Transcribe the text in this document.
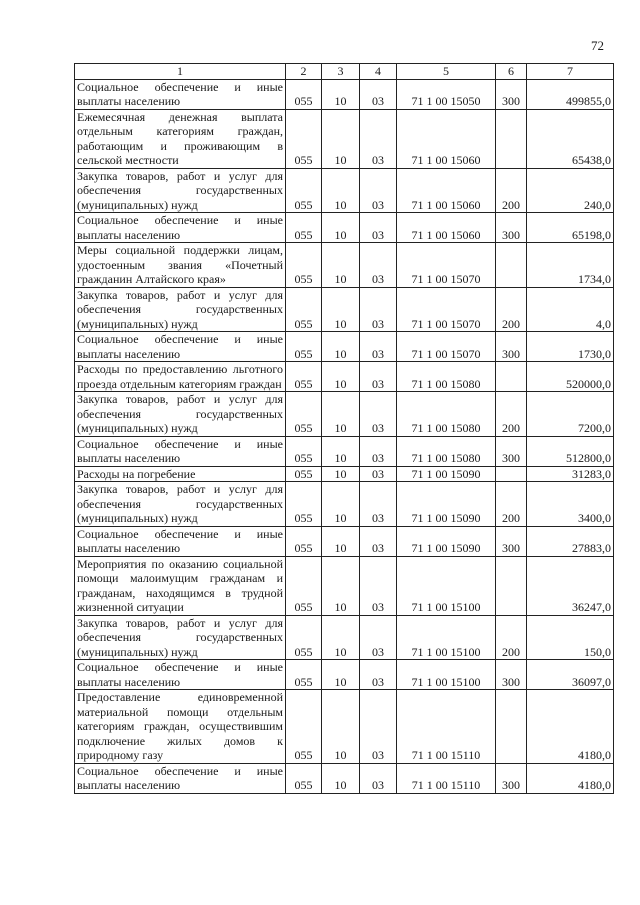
72
1	2	3	4	5	6	7
Социальное обеспечение и иные выплаты населению	055	10	03	71 1 00 15050	300	499855,0
Ежемесячная денежная выплата отдельным категориям граждан, работающим и проживающим в сельской местности	055	10	03	71 1 00 15060		65438,0
Закупка товаров, работ и услуг для обеспечения государственных (муниципальных) нужд	055	10	03	71 1 00 15060	200	240,0
Социальное обеспечение и иные выплаты населению	055	10	03	71 1 00 15060	300	65198,0
Меры социальной поддержки лицам, удостоенным звания «Почетный гражданин Алтайского края»	055	10	03	71 1 00 15070		1734,0
Закупка товаров, работ и услуг для обеспечения государственных (муниципальных) нужд	055	10	03	71 1 00 15070	200	4,0
Социальное обеспечение и иные выплаты населению	055	10	03	71 1 00 15070	300	1730,0
Расходы по предоставлению льготного проезда отдельным категориям граждан	055	10	03	71 1 00 15080		520000,0
Закупка товаров, работ и услуг для обеспечения государственных (муниципальных) нужд	055	10	03	71 1 00 15080	200	7200,0
Социальное обеспечение и иные выплаты населению	055	10	03	71 1 00 15080	300	512800,0
Расходы на погребение	055	10	03	71 1 00 15090		31283,0
Закупка товаров, работ и услуг для обеспечения государственных (муниципальных) нужд	055	10	03	71 1 00 15090	200	3400,0
Социальное обеспечение и иные выплаты населению	055	10	03	71 1 00 15090	300	27883,0
Мероприятия по оказанию социальной помощи малоимущим гражданам и гражданам, находящимся в трудной жизненной ситуации	055	10	03	71 1 00 15100		36247,0
Закупка товаров, работ и услуг для обеспечения государственных (муниципальных) нужд	055	10	03	71 1 00 15100	200	150,0
Социальное обеспечение и иные выплаты населению	055	10	03	71 1 00 15100	300	36097,0
Предоставление единовременной материальной помощи отдельным категориям граждан, осуществившим подключение жилых домов к природному газу	055	10	03	71 1 00 15110		4180,0
Социальное обеспечение и иные выплаты населению	055	10	03	71 1 00 15110	300	4180,0
